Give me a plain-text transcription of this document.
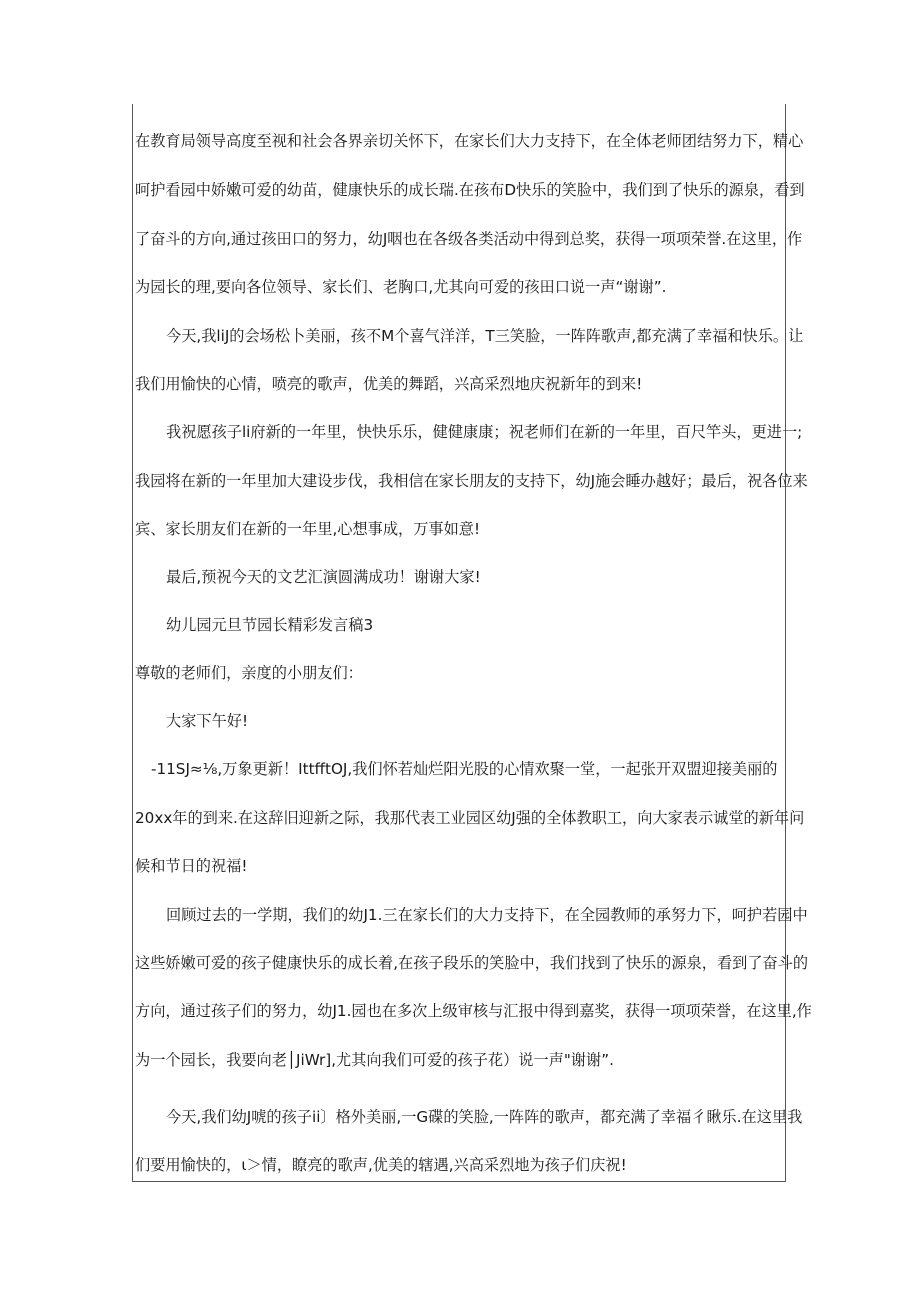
在教育局领导高度至视和社会各界亲切关怀下，在家长们大力支持下，在全体老师团结努力下，精心
呵护看园中娇嫩可爱的幼苗，健康快乐的成长瑞.在孩布D快乐的笑脸中，我们到了快乐的源泉，看到
了奋斗的方向,通过孩田口的努力，幼J咽也在各级各类活动中得到总奖，获得一项项荣誉.在这里，作
为园长的理,要向各位领导、家长们、老胸口,尤其向可爱的孩田口说一声“谢谢”.
今天,我liJ的会场松卜美丽，孩不M个喜气洋洋，T三笑脸，一阵阵歌声,都充满了幸福和快乐。让
我们用愉快的心情，喷亮的歌声，优美的舞蹈，兴高采烈地庆祝新年的到来!
我祝愿孩子li府新的一年里，快快乐乐，健健康康；祝老师们在新的一年里，百尺竿头，更进一;
我园将在新的一年里加大建设步伐，我相信在家长朋友的支持下，幼J施会睡办越好；最后，祝各位来
宾、家长朋友们在新的一年里,心想事成，万事如意!
最后,预祝今天的文艺汇演圆满成功！谢谢大家!
幼儿园元旦节园长精彩发言稿3
尊敬的老师们，亲度的小朋友们：
大家下午好!
-11SJ≈⅛,万象更新！IttfftOJ,我们怀若灿烂阳光股的心情欢聚一堂，一起张开双盟迎接美丽的
20xx年的到来.在这辞旧迎新之际，我那代表工业园区幼J强的全体教职工，向大家表示诚堂的新年问
候和节日的祝福!
回顾过去的一学期，我们的幼J1.三在家长们的大力支持下，在全园教师的承努力下，呵护若园中
这些娇嫩可爱的孩子健康快乐的成长着,在孩子段乐的笑脸中，我们找到了快乐的源泉，看到了奋斗的
方向，通过孩子们的努力，幼J1.园也在多次上级审核与汇报中得到嘉奖，获得一项项荣誉，在这里,作
为一个园长，我要向老│JiWr],尤其向我们可爱的孩子花）说一声"谢谢”.
今天,我们幼J唬的孩子ii〕格外美丽,一G碟的笑脸,一阵阵的歌声，都充满了幸福彳瞅乐.在这里我
们要用愉快的，ι＞情，瞭亮的歌声,优美的辖遇,兴高采烈地为孩子们庆祝!
